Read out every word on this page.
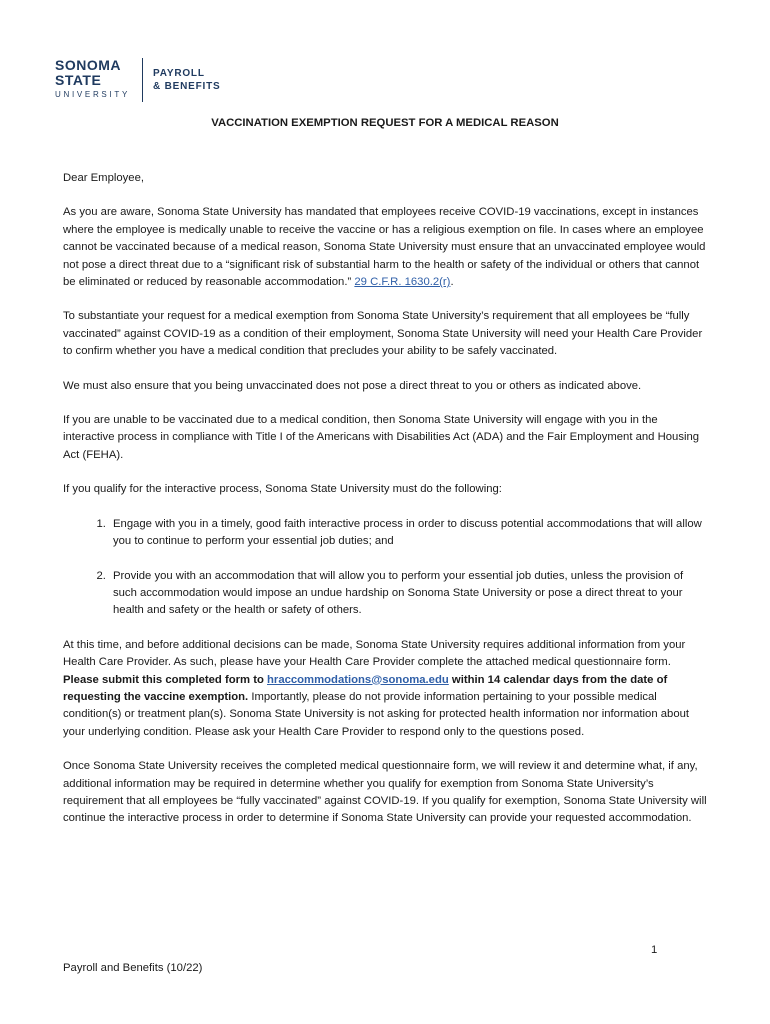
SONOMA
STATE
UNIVERSITY
PAYROLL
& BENEFITS
VACCINATION EXEMPTION REQUEST FOR A MEDICAL REASON

Dear Employee,

As you are aware, Sonoma State University has mandated that employees receive COVID-19 vaccinations, except in instances where the employee is medically unable to receive the vaccine or has a religious exemption on file. In cases where an employee cannot be vaccinated because of a medical reason, Sonoma State University must ensure that an unvaccinated employee would not pose a direct threat due to a “significant risk of substantial harm to the health or safety of the individual or others that cannot be eliminated or reduced by reasonable accommodation.” 29 C.F.R. 1630.2(r).

To substantiate your request for a medical exemption from Sonoma State University’s requirement that all employees be “fully vaccinated” against COVID-19 as a condition of their employment, Sonoma State University will need your Health Care Provider to confirm whether you have a medical condition that precludes your ability to be safely vaccinated.

We must also ensure that you being unvaccinated does not pose a direct threat to you or others as indicated above.

If you are unable to be vaccinated due to a medical condition, then Sonoma State University will engage with you in the interactive process in compliance with Title I of the Americans with Disabilities Act (ADA) and the Fair Employment and Housing Act (FEHA).

If you qualify for the interactive process, Sonoma State University must do the following:

1. Engage with you in a timely, good faith interactive process in order to discuss potential accommodations that will allow you to continue to perform your essential job duties; and
2. Provide you with an accommodation that will allow you to perform your essential job duties, unless the provision of such accommodation would impose an undue hardship on Sonoma State University or pose a direct threat to your health and safety or the health or safety of others.

At this time, and before additional decisions can be made, Sonoma State University requires additional information from your Health Care Provider. As such, please have your Health Care Provider complete the attached medical questionnaire form. Please submit this completed form to hraccommodations@sonoma.edu within 14 calendar days from the date of requesting the vaccine exemption. Importantly, please do not provide information pertaining to your possible medical condition(s) or treatment plan(s). Sonoma State University is not asking for protected health information nor information about your underlying condition. Please ask your Health Care Provider to respond only to the questions posed.

Once Sonoma State University receives the completed medical questionnaire form, we will review it and determine what, if any, additional information may be required in determine whether you qualify for exemption from Sonoma State University’s requirement that all employees be “fully vaccinated” against COVID-19. If you qualify for exemption, Sonoma State University will continue the interactive process in order to determine if Sonoma State University can provide your requested accommodation.

1
Payroll and Benefits (10/22)
